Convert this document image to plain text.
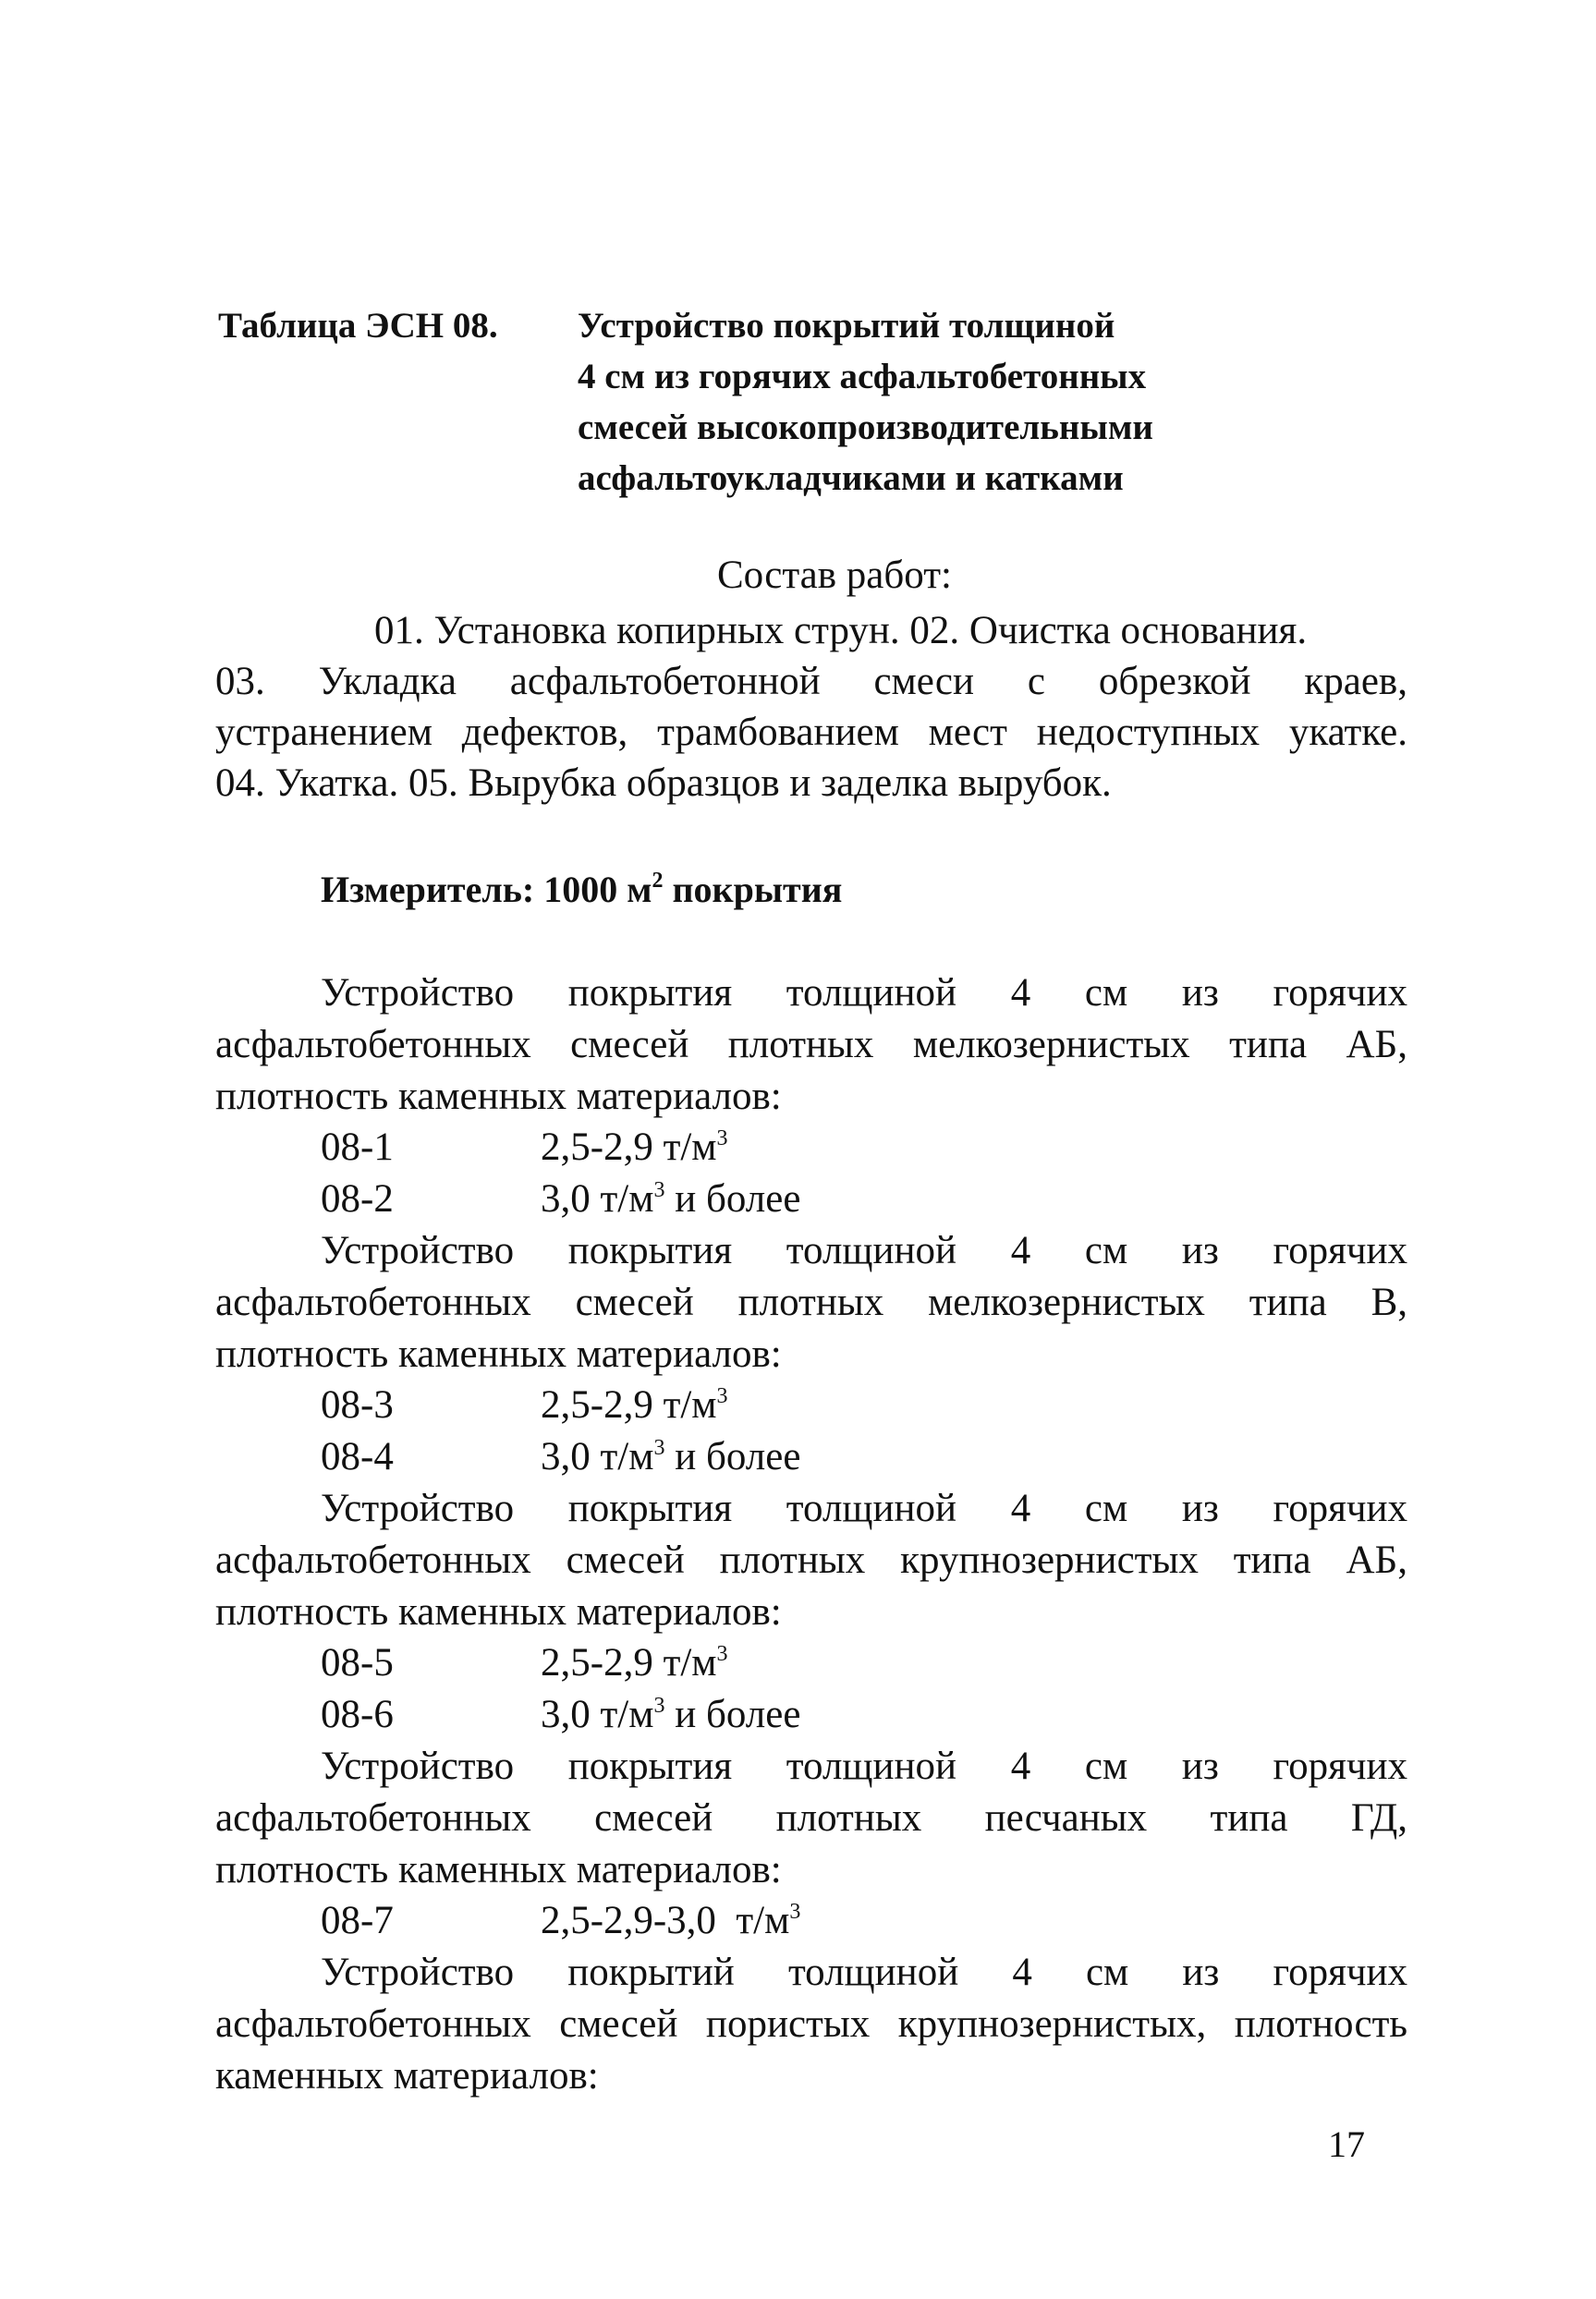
Таблица ЭСН 08. Устройство покрытий толщиной
4 см из горячих асфальтобетонных
смесей высокопроизводительными
асфальтоукладчиками и катками
Состав работ:
01. Установка копирных струн. 02. Очистка основания.
03. Укладка асфальтобетонной смеси с обрезкой краев,
устранением дефектов, трамбованием мест недоступных укатке.
04. Укатка. 05. Вырубка образцов и заделка вырубок.
Измеритель: 1000 $м^2$ покрытия
Устройство покрытия толщиной 4 см из горячих
асфальтобетонных смесей плотных мелкозернистых типа АБ,
плотность каменных материалов:
08-1	2,5-2,9 $т/м^3$
08-2	3,0 $т/м^3$ и более
Устройство покрытия толщиной 4 см из горячих
асфальтобетонных смесей плотных мелкозернистых типа В,
плотность каменных материалов:
08-3	2,5-2,9 $т/м^3$
08-4	3,0 $т/м^3$ и более
Устройство покрытия толщиной 4 см из горячих
асфальтобетонных смесей плотных крупнозернистых типа АБ,
плотность каменных материалов:
08-5	2,5-2,9 $т/м^3$
08-6	3,0 $т/м^3$ и более
Устройство покрытия толщиной 4 см из горячих
асфальтобетонных смесей плотных песчаных типа ГД,
плотность каменных материалов:
08-7	2,5-2,9-3,0  $т/м^3$
Устройство покрытий толщиной 4 см из горячих
асфальтобетонных смесей пористых крупнозернистых, плотность
каменных материалов:
17
